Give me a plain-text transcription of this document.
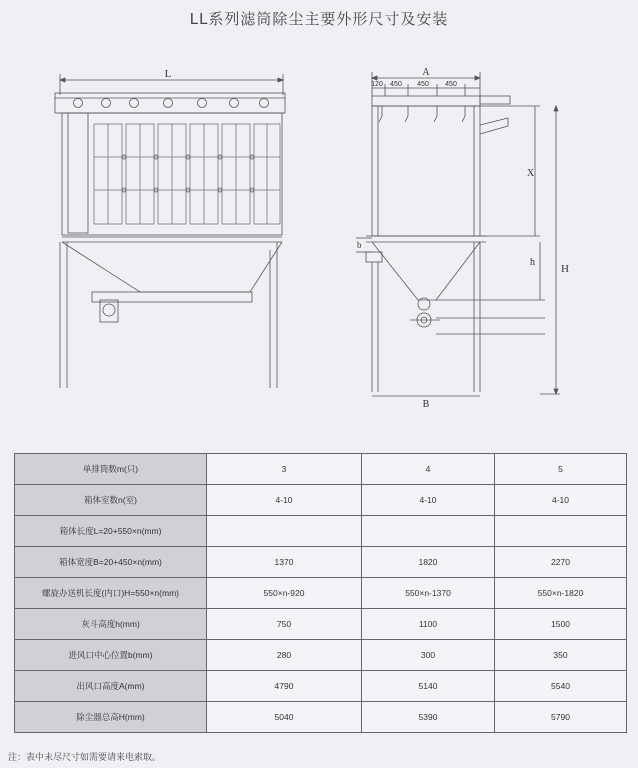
LL系列滤筒除尘主要外形尺寸及安装
L	A
120 450 450 450
X
h
H
b
B
单排筒数m(只)	3	4	5
箱体室数n(室)	4-10	4-10	4-10
箱体长度L=20+550×n(mm)			
箱体宽度B=20+450×n(mm)	1370	1820	2270
螺旋办送机长度(内口)H=550×n(mm)	550×n-920	550×n-1370	550×n-1820
灰斗高度h(mm)	750	1100	1500
进风口中心位置b(mm)	280	300	350
出风口高度A(mm)	4790	5140	5540
除尘器总高H(mm)	5040	5390	5790
注：表中未尽尺寸如需要请来电索取。
